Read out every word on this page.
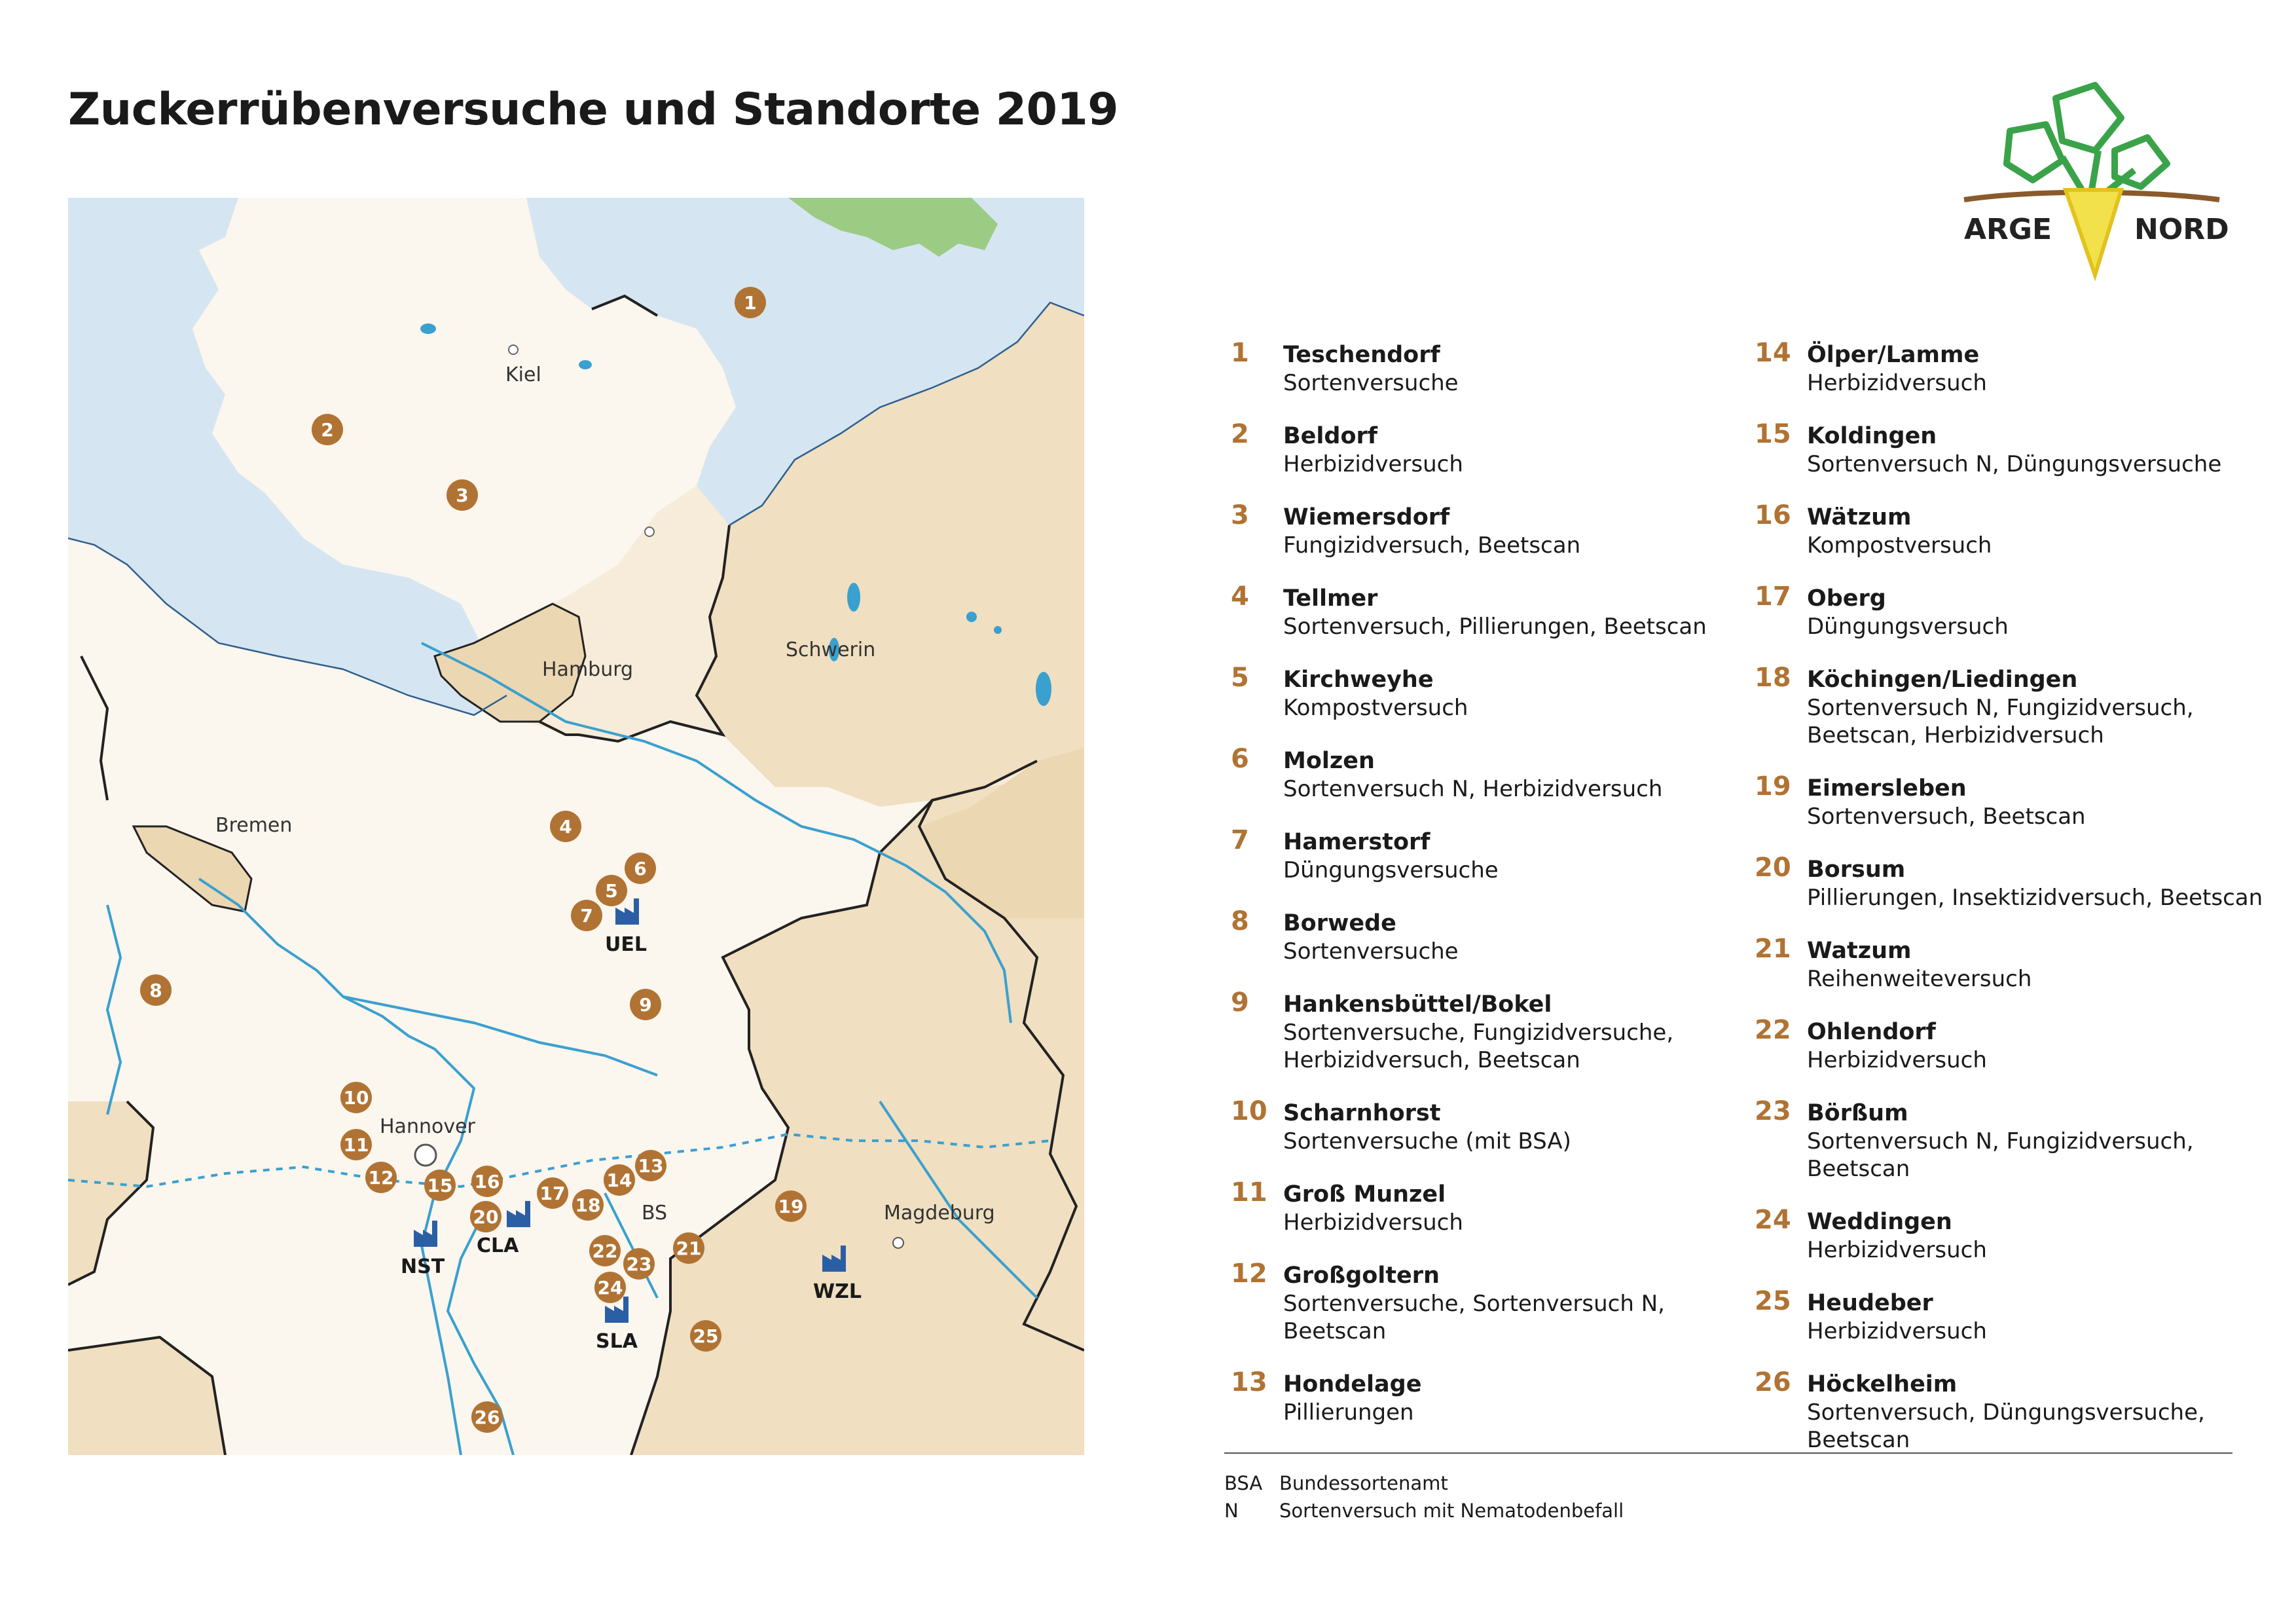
Zuckerrübenversuche und Standorte 2019
ARGE	NORD
Kiel
Hamburg
Schwerin
Bremen
Hannover
BS	Magdeburg
1
2
3
4
5
6
7
8
9
10
11
12
13
14
15 16
17
18	19
20
21
22
23
24
25
26
UEL
NST
CLA
SLA
WZL
1 Teschendorf
Sortenversuche
2 Beldorf
Herbizidversuch
3 Wiemersdorf
Fungizidversuch, Beetscan
4 Tellmer
Sortenversuch, Pillierungen, Beetscan
5 Kirchweyhe
Kompostversuch
6 Molzen
Sortenversuch N, Herbizidversuch
7 Hamerstorf
Düngungsversuche
8 Borwede
Sortenversuche
9 Hankensbüttel/Bokel
Sortenversuche, Fungizidversuche, Herbizidversuch, Beetscan
10 Scharnhorst
Sortenversuche (mit BSA)
11 Groß Munzel
Herbizidversuch
12 Großgoltern
Sortenversuche, Sortenversuch N, Beetscan
13 Hondelage
Pillierungen
14 Ölper/Lamme
Herbizidversuch
15 Koldingen
Sortenversuch N, Düngungsversuche
16 Wätzum
Kompostversuch
17 Oberg
Düngungsversuch
18 Köchingen/Liedingen
Sortenversuch N, Fungizidversuch, Beetscan, Herbizidversuch
19 Eimersleben
Sortenversuch, Beetscan
20 Borsum
Pillierungen, Insektizidversuch, Beetscan
21 Watzum
Reihenweiteversuch
22 Ohlendorf
Herbizidversuch
23 Börßum
Sortenversuch N, Fungizidversuch, Beetscan
24 Weddingen
Herbizidversuch
25 Heudeber
Herbizidversuch
26 Höckelheim
Sortenversuch, Düngungsversuche, Beetscan
BSA Bundessortenamt
N Sortenversuch mit Nematodenbefall
